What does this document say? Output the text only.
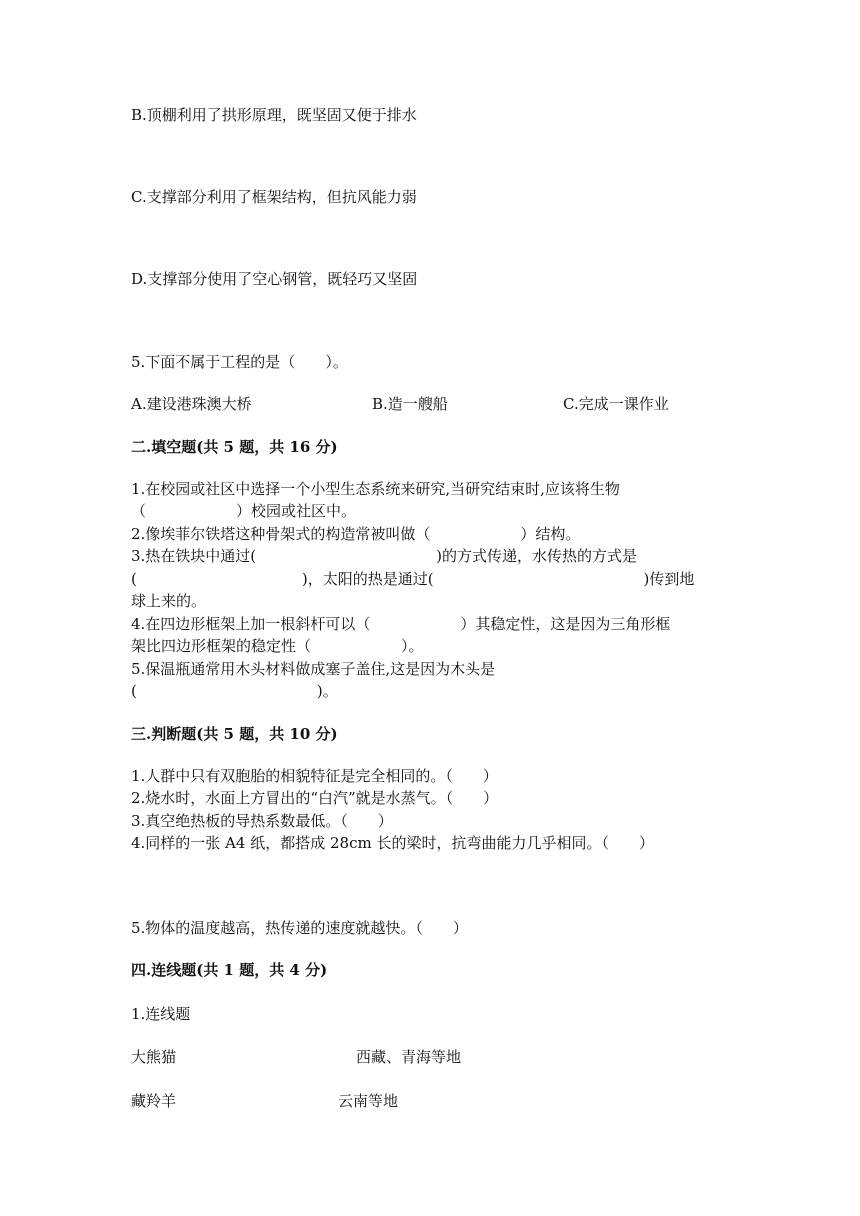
B.顶棚利用了拱形原理，既坚固又便于排水
C.支撑部分利用了框架结构，但抗风能力弱
D.支撑部分使用了空心钢管，既轻巧又坚固
5.下面不属于工程的是（　　）。
A.建设港珠澳大桥	B.造一艘船	C.完成一课作业
二.填空题(共 5 题，共 16 分)
1.在校园或社区中选择一个小型生态系统来研究,当研究结束时,应该将生物
（　　　　　　）校园或社区中。
2.像埃菲尔铁塔这种骨架式的构造常被叫做（　　　　　　）结构。
3.热在铁块中通过(　　　　　　　　　　　　)的方式传递，水传热的方式是
(　　　　　　　　　　　)，太阳的热是通过(　　　　　　　　　　　　　　)传到地
球上来的。
4.在四边形框架上加一根斜杆可以（　　　　　　）其稳定性，这是因为三角形框
架比四边形框架的稳定性（　　　　　　）。
5.保温瓶通常用木头材料做成塞子盖住,这是因为木头是
(　　　　　　　　　　　　)。
三.判断题(共 5 题，共 10 分)
1.人群中只有双胞胎的相貌特征是完全相同的。（　　）
2.烧水时，水面上方冒出的“白汽”就是水蒸气。（　　）
3.真空绝热板的导热系数最低。（　　）
4.同样的一张 A4 纸，都搭成 28cm 长的梁时，抗弯曲能力几乎相同。（　　）
5.物体的温度越高，热传递的速度就越快。（　　）
四.连线题(共 1 题，共 4 分)
1.连线题
大熊猫	西藏、青海等地
藏羚羊	云南等地
